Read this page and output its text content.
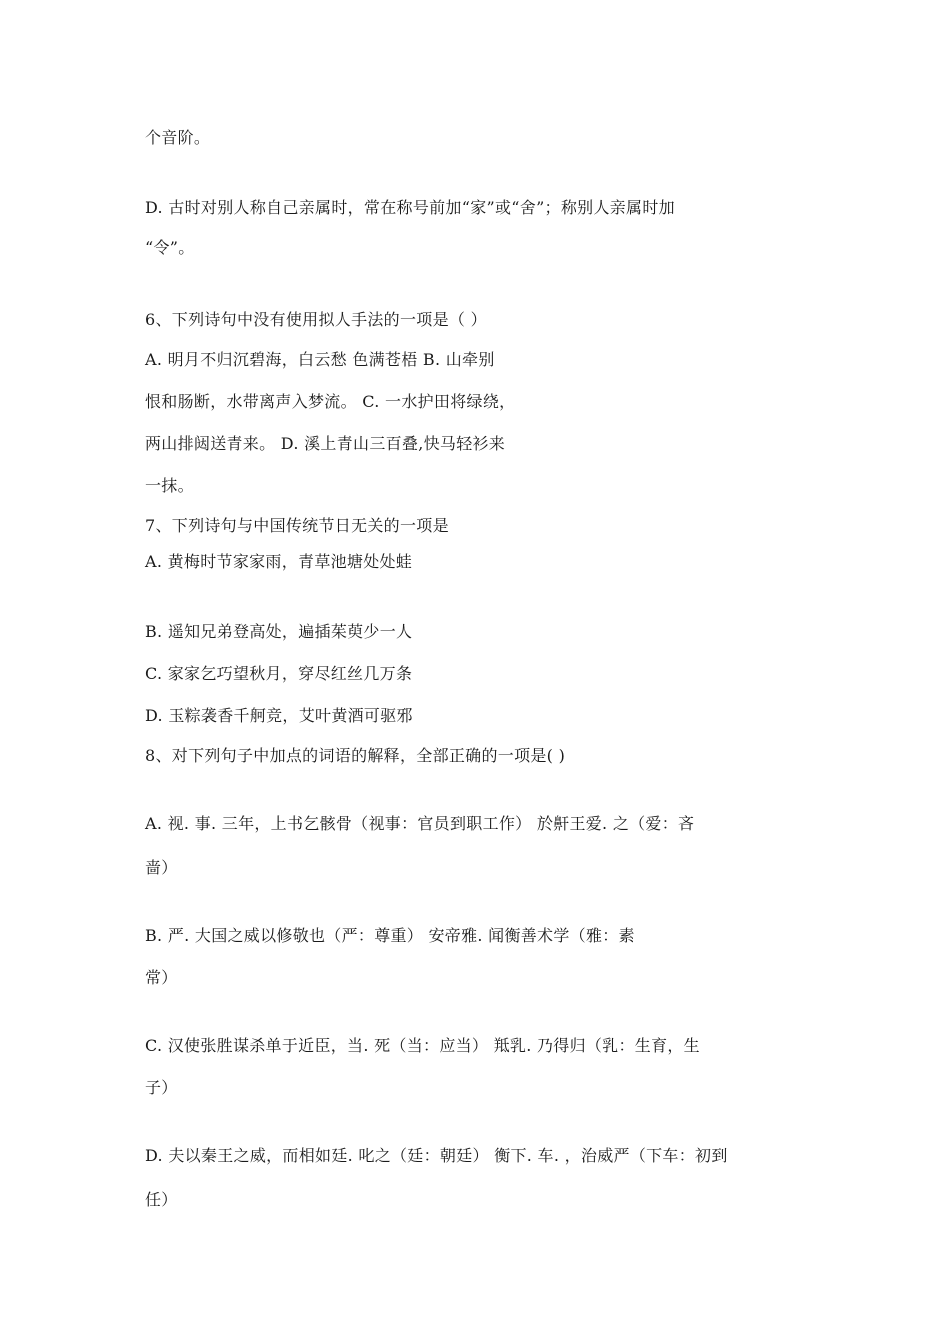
个音阶。
D. 古时对别人称自己亲属时，常在称号前加“家”或“舍”；称别人亲属时加
“令”。
6、下列诗句中没有使用拟人手法的一项是（ ）
A. 明月不归沉碧海，白云愁 色满苍梧 B. 山牵别
恨和肠断，水带离声入梦流。 C. 一水护田将绿绕，
两山排闼送青来。 D. 溪上青山三百叠,快马轻衫来
一抹。
7、下列诗句与中国传统节日无关的一项是
A. 黄梅时节家家雨，青草池塘处处蛙
B. 遥知兄弟登高处，遍插茱萸少一人
C. 家家乞巧望秋月，穿尽红丝几万条
D. 玉粽袭香千舸竞，艾叶黄酒可驱邪
8、对下列句子中加点的词语的解释，全部正确的一项是( )
A. 视. 事. 三年，上书乞骸骨（视事：官员到职工作） 於鼾王爱. 之（爱：吝
啬）
B. 严. 大国之威以修敬也（严：尊重） 安帝雅. 闻衡善术学（雅：素
常）
C. 汉使张胜谋杀单于近臣，当. 死（当：应当） 羝乳. 乃得归（乳：生育，生
子）
D. 夫以秦王之威，而相如廷. 叱之（廷：朝廷） 衡下. 车. ，治威严（下车：初到
任）
